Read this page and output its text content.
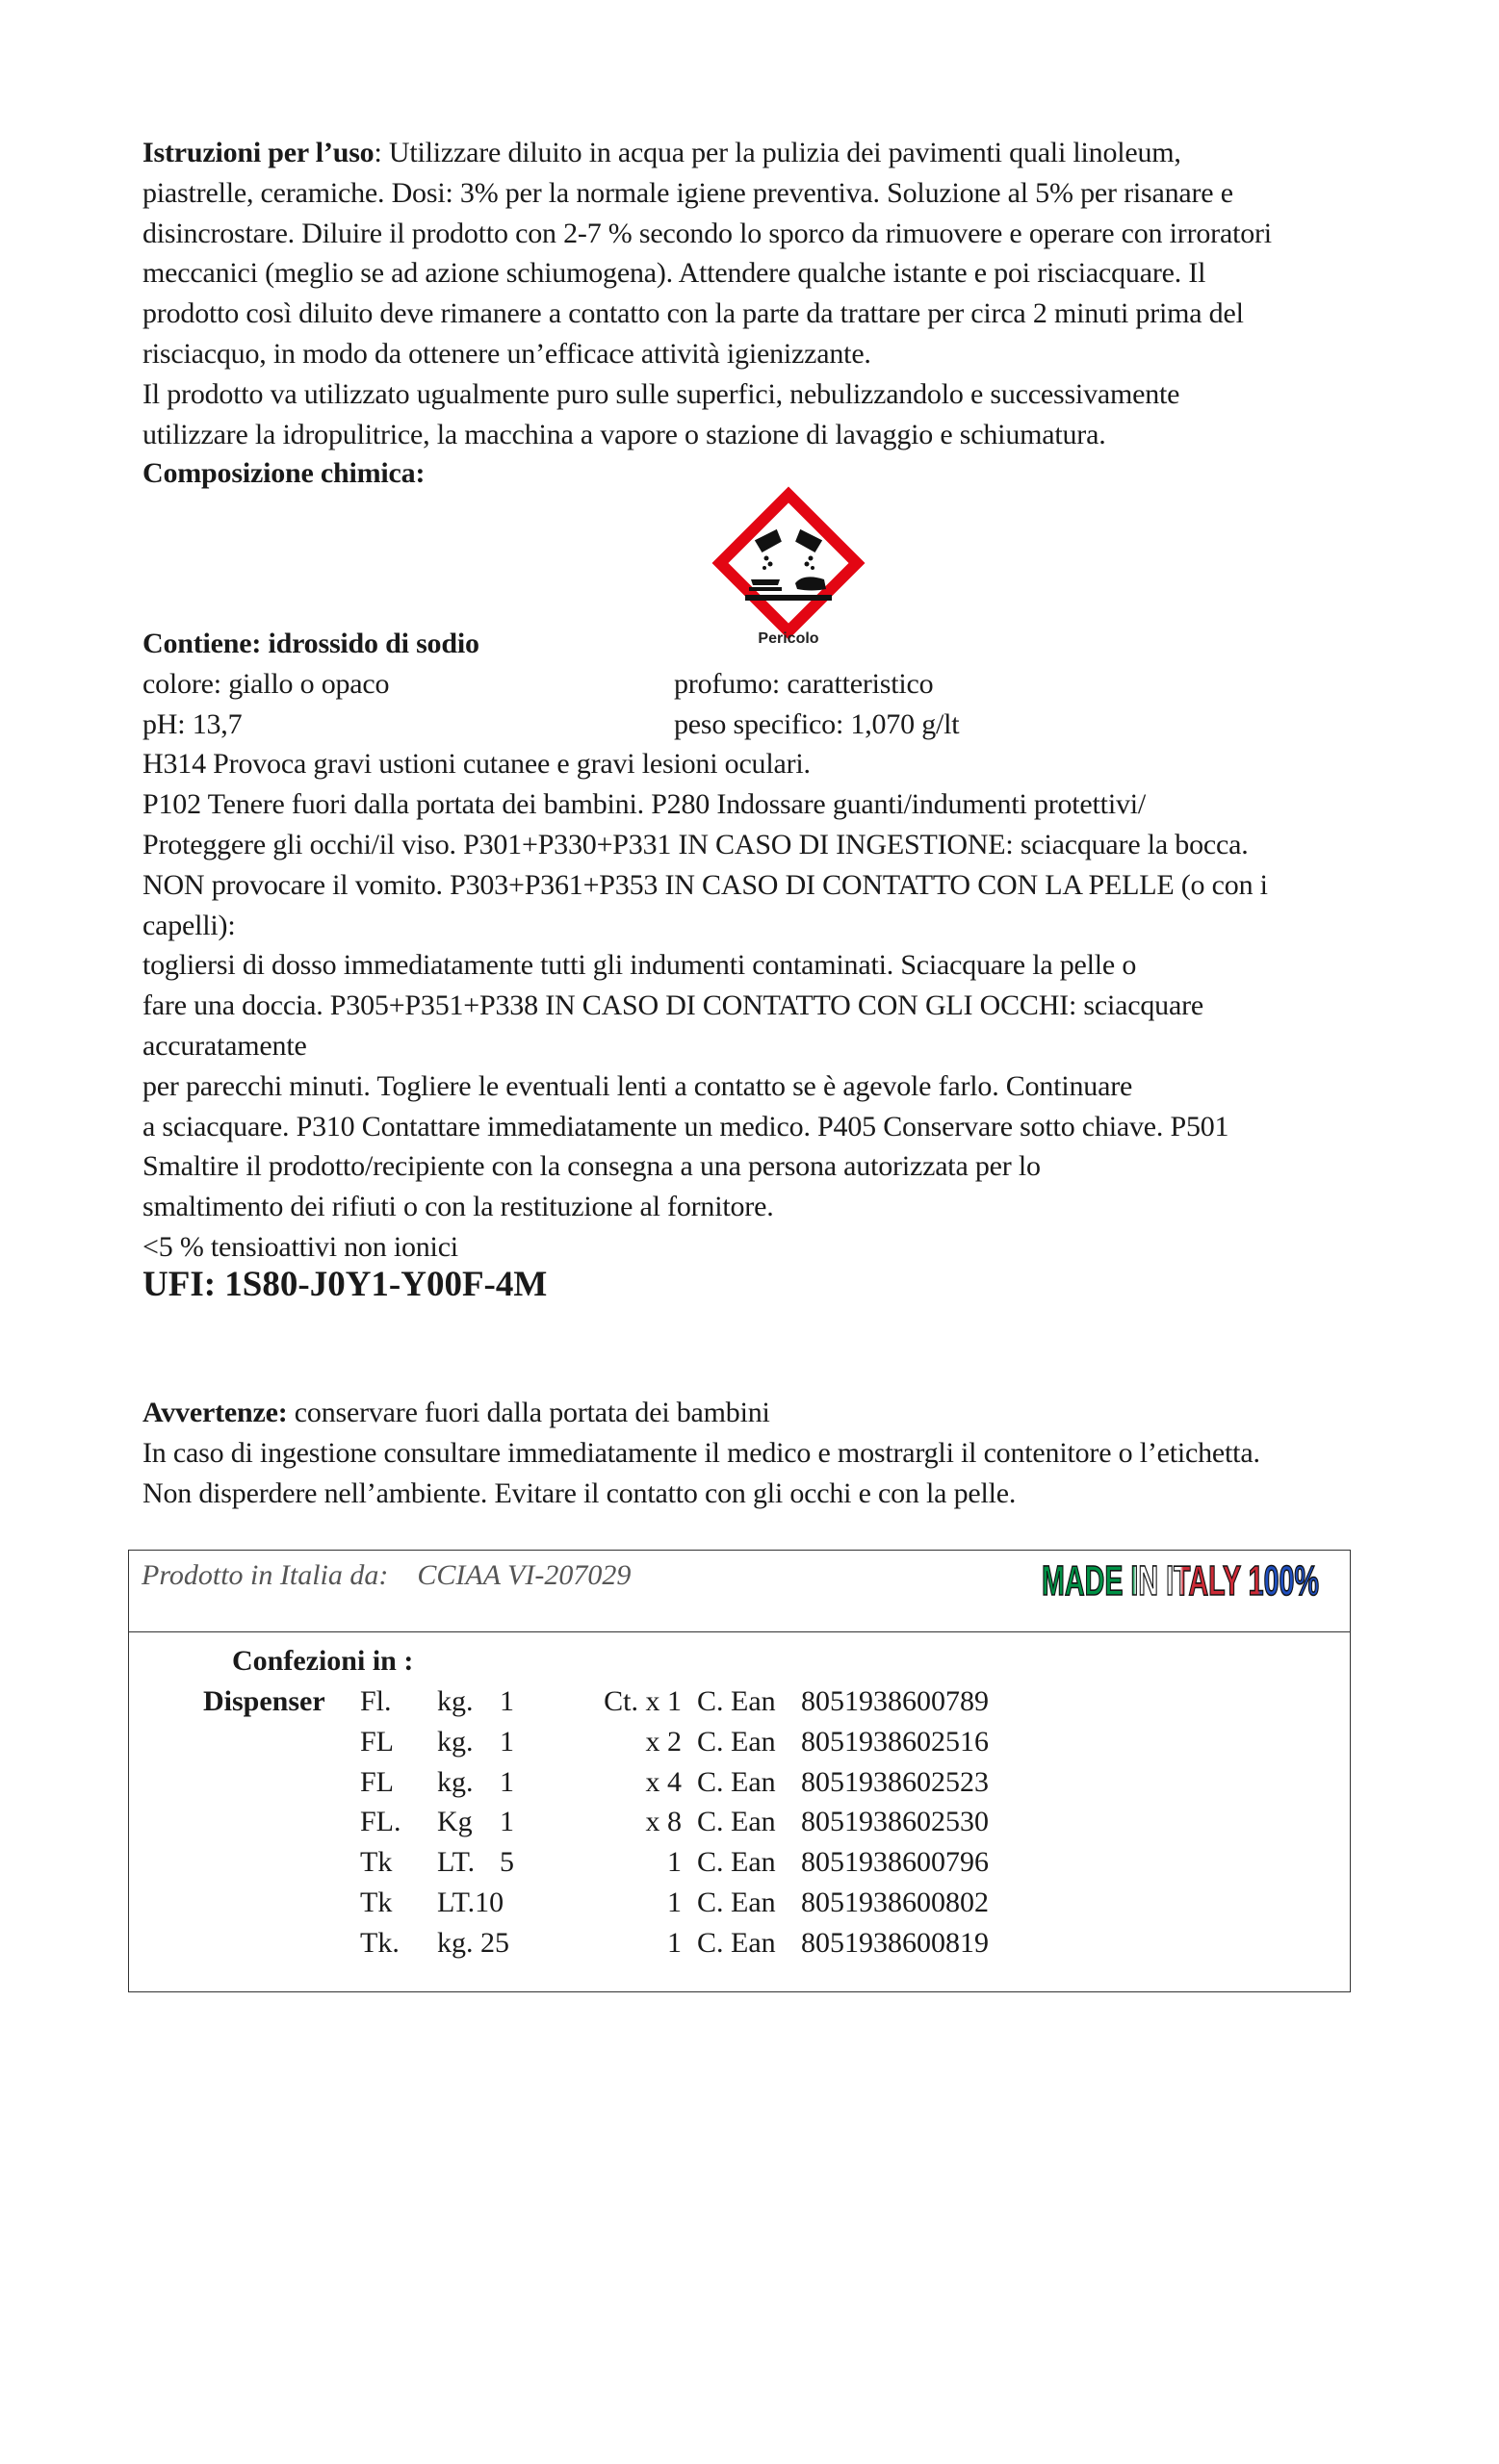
Istruzioni per l’uso: Utilizzare diluito in acqua per la pulizia dei pavimenti quali linoleum,
piastrelle, ceramiche. Dosi: 3% per la normale igiene preventiva. Soluzione al 5% per risanare e
disincrostare. Diluire il prodotto con 2-7 % secondo lo sporco da rimuovere e operare con irroratori
meccanici (meglio se ad azione schiumogena). Attendere qualche istante e poi risciacquare. Il
prodotto così diluito deve rimanere a contatto con la parte da trattare per circa 2 minuti prima del
risciacquo, in modo da ottenere un’efficace attività igienizzante.
Il prodotto va utilizzato ugualmente puro sulle superfici, nebulizzandolo e successivamente
utilizzare la idropulitrice, la macchina a vapore o stazione di lavaggio e schiumatura.
Composizione chimica:
Pericolo
Contiene: idrossido di sodio
colore: giallo o opaco	profumo: caratteristico
pH: 13,7	peso specifico: 1,070 g/lt
H314 Provoca gravi ustioni cutanee e gravi lesioni oculari.
P102 Tenere fuori dalla portata dei bambini. P280 Indossare guanti/indumenti protettivi/
Proteggere gli occhi/il viso. P301+P330+P331 IN CASO DI INGESTIONE: sciacquare la bocca.
NON provocare il vomito. P303+P361+P353 IN CASO DI CONTATTO CON LA PELLE (o con i
capelli):
togliersi di dosso immediatamente tutti gli indumenti contaminati. Sciacquare la pelle o
fare una doccia. P305+P351+P338 IN CASO DI CONTATTO CON GLI OCCHI: sciacquare
accuratamente
per parecchi minuti. Togliere le eventuali lenti a contatto se è agevole farlo. Continuare
a sciacquare. P310 Contattare immediatamente un medico. P405 Conservare sotto chiave. P501
Smaltire il prodotto/recipiente con la consegna a una persona autorizzata per lo
smaltimento dei rifiuti o con la restituzione al fornitore.
<5 % tensioattivi non ionici
UFI: 1S80-J0Y1-Y00F-4M
Avvertenze: conservare fuori dalla portata dei bambini
In caso di ingestione consultare immediatamente il medico e mostrargli il contenitore o l’etichetta.
Non disperdere nell’ambiente. Evitare il contatto con gli occhi e con la pelle.
Prodotto in Italia da: CCIAA VI-207029	MADE IN ITALY 100%
Confezioni in :
Dispenser Fl. kg. 1	Ct. x 1 C. Ean 8051938600789
FL kg. 1	x 2 C. Ean 8051938602516
FL kg. 1	x 4 C. Ean 8051938602523
FL. Kg 1	x 8 C. Ean 8051938602530
Tk LT. 5	1 C. Ean 8051938600796
Tk LT.10	1 C. Ean 8051938600802
Tk. kg. 25	1 C. Ean 8051938600819
